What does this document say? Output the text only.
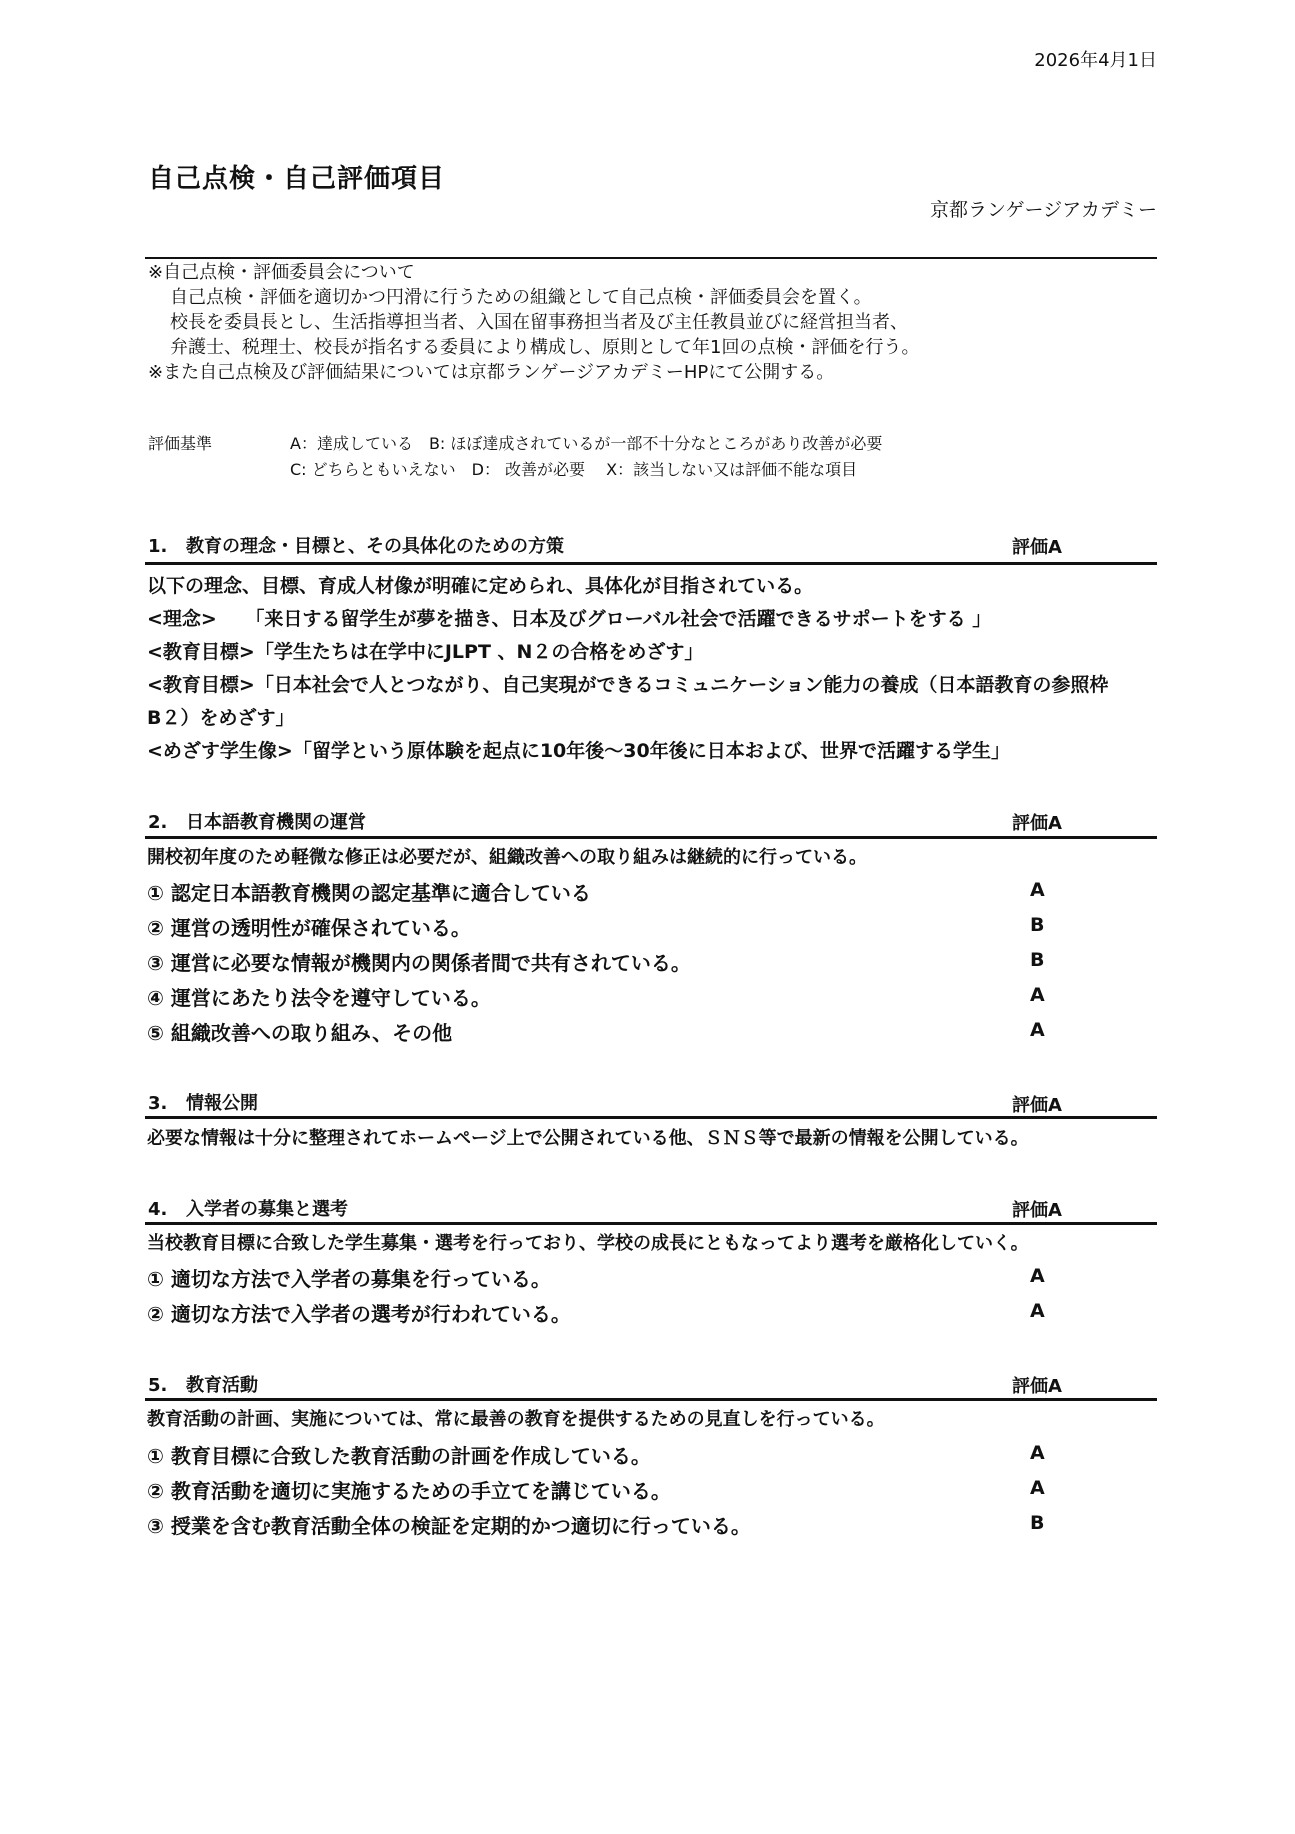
2026年4月1日
自己点検・自己評価項目
京都ランゲージアカデミー
※自己点検・評価委員会について
自己点検・評価を適切かつ円滑に行うための組織として自己点検・評価委員会を置く。
校長を委員長とし、生活指導担当者、入国在留事務担当者及び主任教員並びに経営担当者、
弁護士、税理士、校長が指名する委員により構成し、原則として年1回の点検・評価を行う。
※また自己点検及び評価結果については京都ランゲージアカデミーHPにて公開する。
評価基準	A：達成している　B: ほぼ達成されているが一部不十分なところがあり改善が必要
C: どちらともいえない　D： 改善が必要　 X：該当しない又は評価不能な項目
1. 教育の理念・目標と、その具体化のための方策	評価A
以下の理念、目標、育成人材像が明確に定められ、具体化が目指されている。
<理念>　　「来日する留学生が夢を描き、日本及びグローバル社会で活躍できるサポートをする 」
<教育目標>「学生たちは在学中にJLPT 、N２の合格をめざす」
<教育目標>「日本社会で人とつながり、自己実現ができるコミュニケーション能力の養成（日本語教育の参照枠
B２）をめざす」
<めざす学生像>「留学という原体験を起点に10年後～30年後に日本および、世界で活躍する学生」
2. 日本語教育機関の運営	評価A
開校初年度のため軽微な修正は必要だが、組織改善への取り組みは継続的に行っている。
① 認定日本語教育機関の認定基準に適合している	A
② 運営の透明性が確保されている。	B
③ 運営に必要な情報が機関内の関係者間で共有されている。	B
④ 運営にあたり法令を遵守している。	A
⑤ 組織改善への取り組み、その他	A
3. 情報公開	評価A
必要な情報は十分に整理されてホームページ上で公開されている他、ＳＮＳ等で最新の情報を公開している。
4. 入学者の募集と選考	評価A
当校教育目標に合致した学生募集・選考を行っており、学校の成長にともなってより選考を厳格化していく。
① 適切な方法で入学者の募集を行っている。	A
② 適切な方法で入学者の選考が行われている。	A
5. 教育活動	評価A
教育活動の計画、実施については、常に最善の教育を提供するための見直しを行っている。
① 教育目標に合致した教育活動の計画を作成している。	A
② 教育活動を適切に実施するための手立てを講じている。	A
③ 授業を含む教育活動全体の検証を定期的かつ適切に行っている。	B
